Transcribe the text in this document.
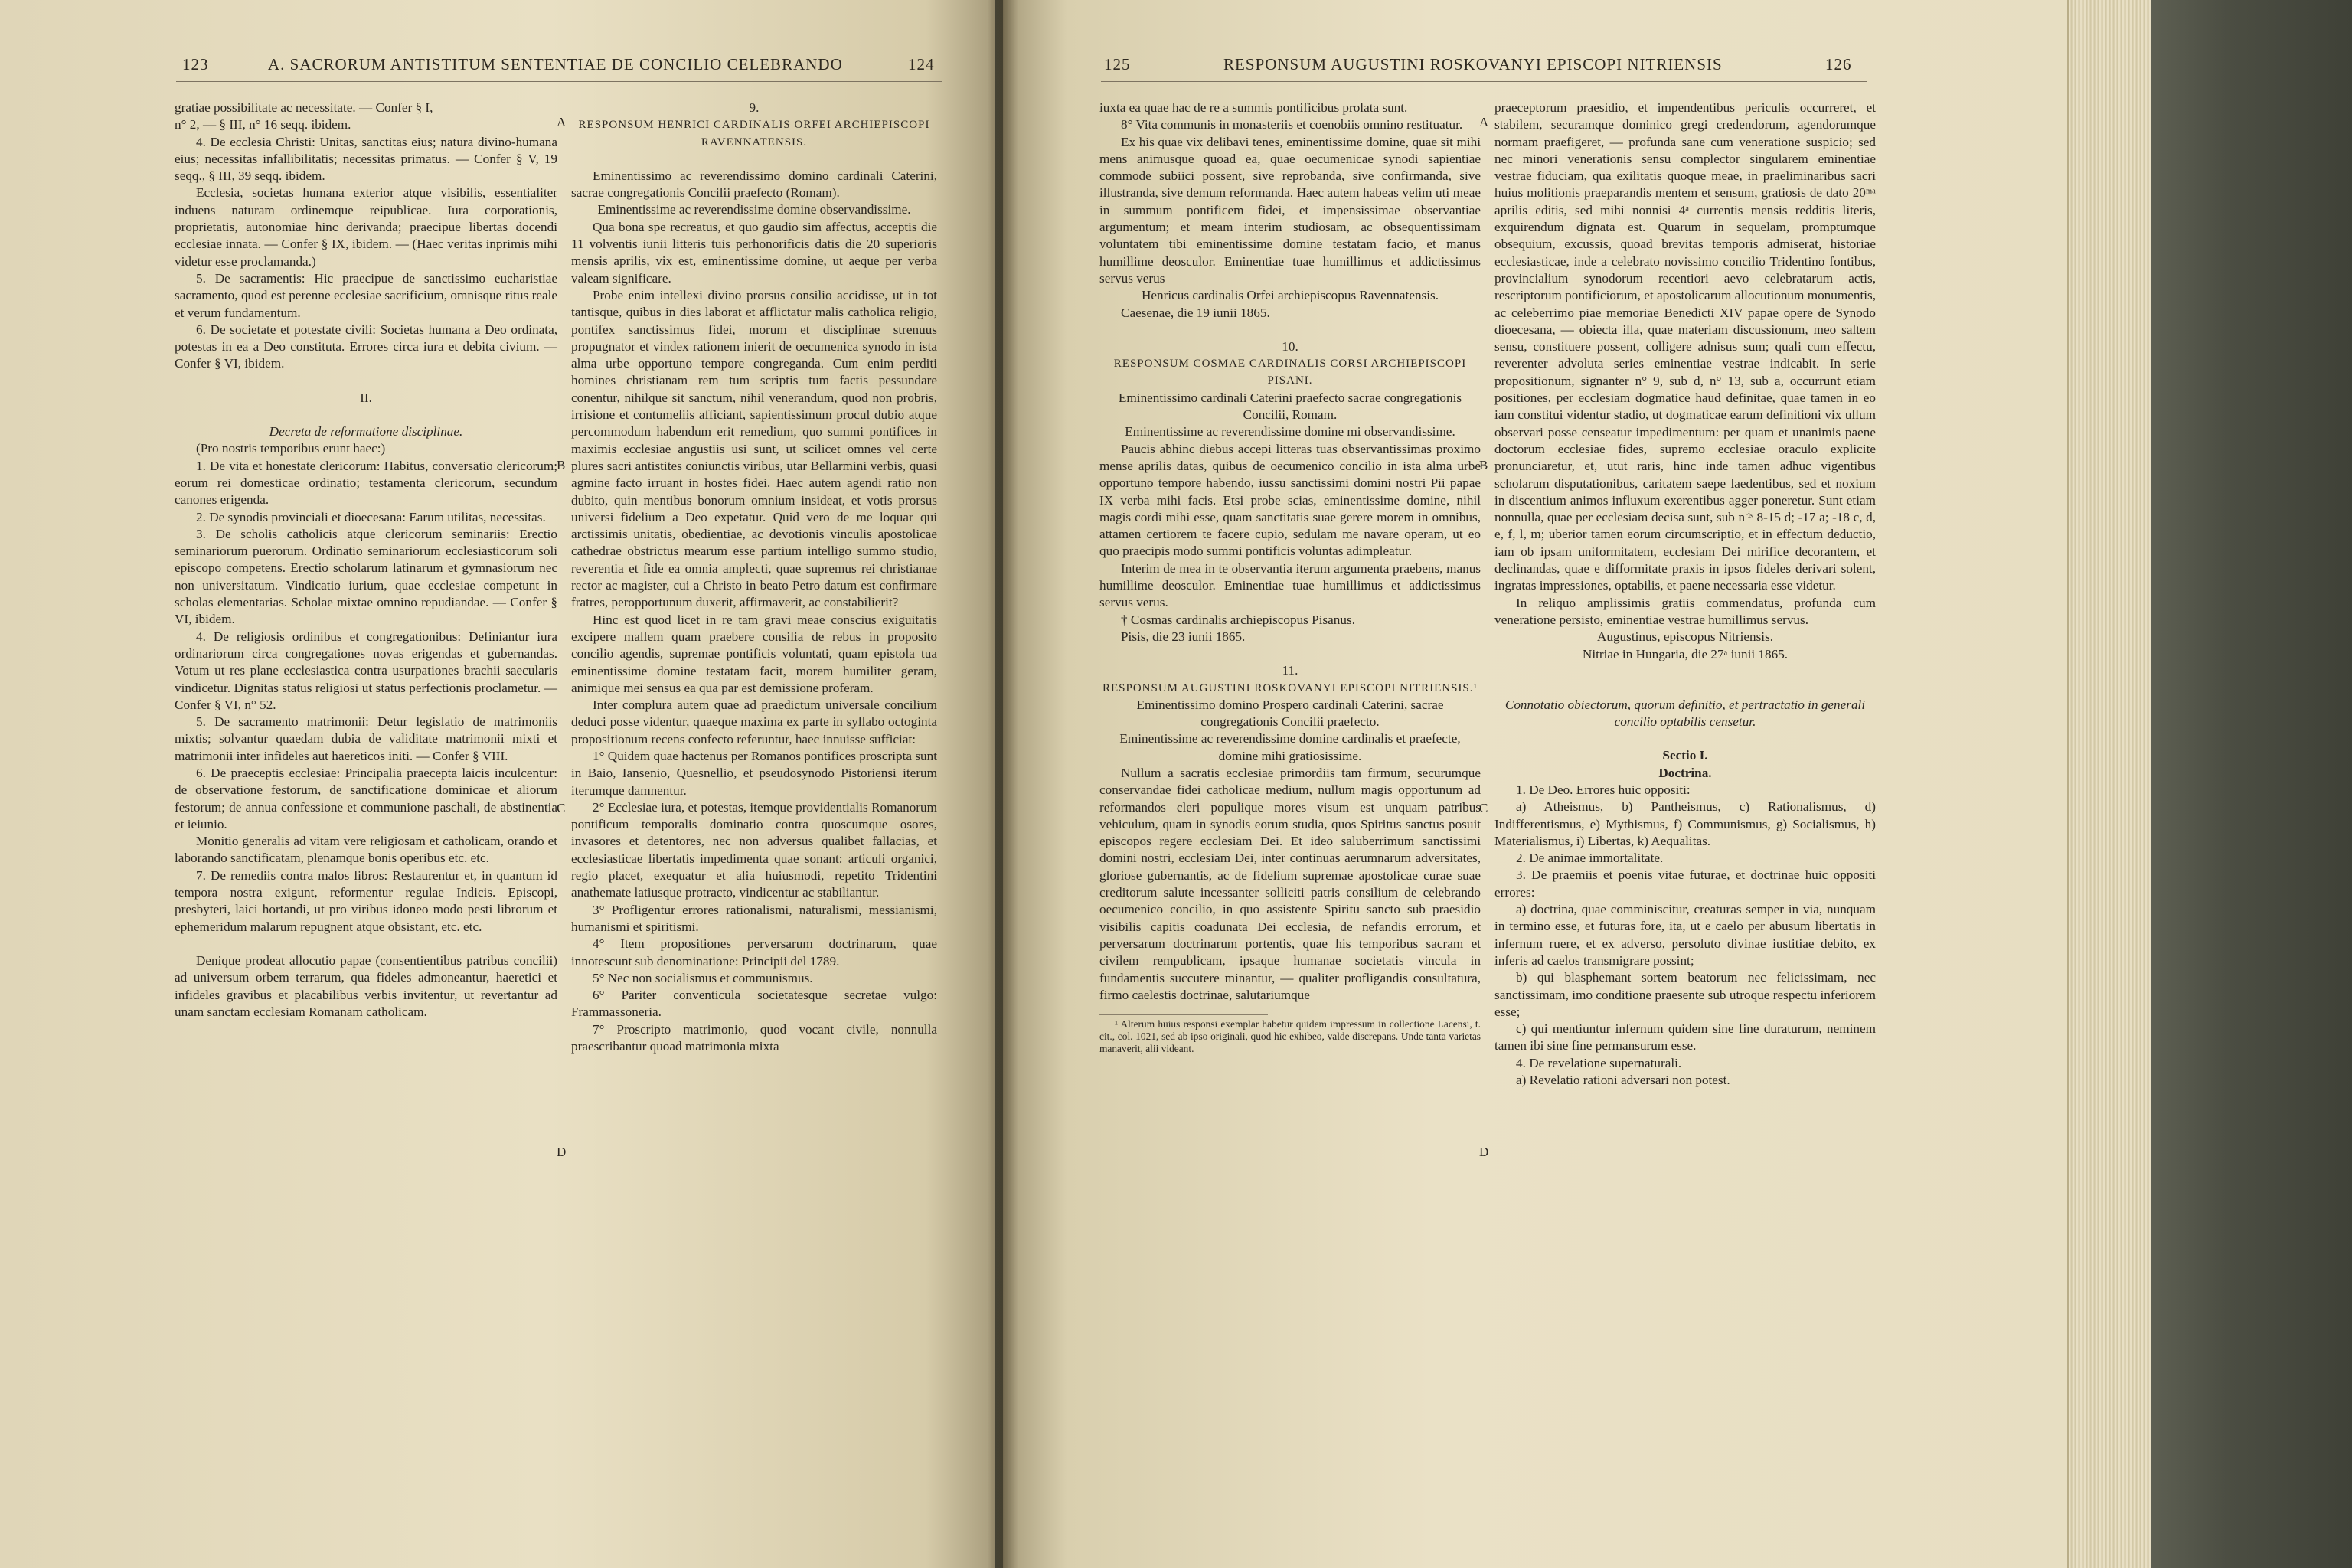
123	A. SACRORUM ANTISTITUM SENTENTIAE DE CONCILIO CELEBRANDO	124

gratiae possibilitate ac necessitate. — Confer § I,

n° 2, — § III, n° 16 seqq. ibidem.

4. De ecclesia Christi: Unitas, sanctitas eius; natura divino-humana eius; necessitas infallibilitatis; necessitas primatus. — Confer § V, 19 seqq., § III, 39 seqq. ibidem.

Ecclesia, societas humana exterior atque visibilis, essentialiter induens naturam ordinemque reipublicae. Iura corporationis, proprietatis, autonomiae hinc derivanda; praecipue libertas docendi ecclesiae innata. — Confer § IX, ibidem. — (Haec veritas inprimis mihi videtur esse proclamanda.)

5. De sacramentis: Hic praecipue de sanctissimo eucharistiae sacramento, quod est perenne ecclesiae sacrificium, omnisque ritus reale et verum fundamentum.

6. De societate et potestate civili: Societas humana a Deo ordinata, potestas in ea a Deo constituta. Errores circa iura et debita civium. — Confer § VI, ibidem.

II.

Decreta de reformatione disciplinae.

(Pro nostris temporibus erunt haec:)

1. De vita et honestate clericorum: Habitus, conversatio clericorum; eorum rei domesticae ordinatio; testamenta clericorum, secundum canones erigenda.

2. De synodis provinciali et dioecesana: Earum utilitas, necessitas.

3. De scholis catholicis atque clericorum seminariis: Erectio seminariorum puerorum. Ordinatio seminariorum ecclesiasticorum soli episcopo competens. Erectio scholarum latinarum et gymnasiorum nec non universitatum. Vindicatio iurium, quae ecclesiae competunt in scholas elementarias. Scholae mixtae omnino repudiandae. — Confer § VI, ibidem.

4. De religiosis ordinibus et congregationibus: Definiantur iura ordinariorum circa congregationes novas erigendas et gubernandas. Votum ut res plane ecclesiastica contra usurpationes brachii saecularis vindicetur. Dignitas status religiosi ut status perfectionis proclametur. — Confer § VI, n° 52.

5. De sacramento matrimonii: Detur legislatio de matrimoniis mixtis; solvantur quaedam dubia de validitate matrimonii mixti et matrimonii inter infideles aut haereticos initi. — Confer § VIII.

6. De praeceptis ecclesiae: Principalia praecepta laicis inculcentur: de observatione festorum, de sanctificatione dominicae et aliorum festorum; de annua confessione et communione paschali, de abstinentia et ieiunio.

Monitio generalis ad vitam vere religiosam et catholicam, orando et laborando sanctificatam, plenamque bonis operibus etc. etc.

7. De remediis contra malos libros: Restaurentur et, in quantum id tempora nostra exigunt, reformentur regulae Indicis. Episcopi, presbyteri, laici hortandi, ut pro viribus idoneo modo pesti librorum et ephemeridum malarum repugnent atque obsistant, etc. etc.

Denique prodeat allocutio papae (consentientibus patribus concilii) ad universum orbem terrarum, qua fideles admoneantur, haeretici et infideles gravibus et placabilibus verbis invitentur, ut revertantur ad unam sanctam ecclesiam Romanam catholicam.

9.

RESPONSUM HENRICI CARDINALIS ORFEI ARCHIEPISCOPI RAVENNATENSIS.

Eminentissimo ac reverendissimo domino cardinali Caterini, sacrae congregationis Concilii praefecto (Romam).

Eminentissime ac reverendissime domine observandissime.

Qua bona spe recreatus, et quo gaudio sim affectus, acceptis die 11 volventis iunii litteris tuis perhonorificis datis die 20 superioris mensis aprilis, vix est, eminentissime domine, ut aeque per verba valeam significare.

Probe enim intellexi divino prorsus consilio accidisse, ut in tot tantisque, quibus in dies laborat et afflictatur malis catholica religio, pontifex sanctissimus fidei, morum et disciplinae strenuus propugnator et vindex rationem inierit de oecumenica synodo in ista alma urbe opportuno tempore congreganda. Cum enim perditi homines christianam rem tum scriptis tum factis pessundare conentur, nihilque sit sanctum, nihil venerandum, quod non probris, irrisione et contumeliis afficiant, sapientissimum procul dubio atque percommodum habendum erit remedium, quo summi pontifices in maximis ecclesiae angustiis usi sunt, ut scilicet omnes vel certe plures sacri antistites coniunctis viribus, utar Bellarmini verbis, quasi agmine facto irruant in hostes fidei. Haec autem agendi ratio non dubito, quin mentibus bonorum omnium insideat, et votis prorsus universi fidelium a Deo expetatur. Quid vero de me loquar qui arctissimis unitatis, obedientiae, ac devotionis vinculis apostolicae cathedrae obstrictus mearum esse partium intelligo summo studio, reverentia et fide ea omnia amplecti, quae supremus rei christianae rector ac magister, cui a Christo in beato Petro datum est confirmare fratres, peropportunum duxerit, affirmaverit, ac constabilierit?

Hinc est quod licet in re tam gravi meae conscius exiguitatis excipere mallem quam praebere consilia de rebus in proposito concilio agendis, supremae pontificis voluntati, quam epistola tua eminentissime domine testatam facit, morem humiliter geram, animique mei sensus ea qua par est demissione proferam.

Inter complura autem quae ad praedictum universale concilium deduci posse videntur, quaeque maxima ex parte in syllabo octoginta propositionum recens confecto referuntur, haec innuisse sufficiat:

1° Quidem quae hactenus per Romanos pontifices proscripta sunt in Baio, Iansenio, Quesnellio, et pseudosynodo Pistoriensi iterum iterumque damnentur.

2° Ecclesiae iura, et potestas, itemque providentialis Romanorum pontificum temporalis dominatio contra quoscumque osores, invasores et detentores, nec non adversus qualibet fallacias, et ecclesiasticae libertatis impedimenta quae sonant: articuli organici, regio placet, exequatur et alia huiusmodi, repetito Tridentini anathemate latiusque protracto, vindicentur ac stabiliantur.

3° Profligentur errores rationalismi, naturalismi, messianismi, humanismi et spiritismi.

4° Item propositiones perversarum doctrinarum, quae innotescunt sub denominatione: Principii del 1789.

5° Nec non socialismus et communismus.

6° Pariter conventicula societatesque secretae vulgo: Frammassoneria.

7° Proscripto matrimonio, quod vocant civile, nonnulla praescribantur quoad matrimonia mixta

A
B
C
D
125	RESPONSUM AUGUSTINI ROSKOVANYI EPISCOPI NITRIENSIS	126

iuxta ea quae hac de re a summis pontificibus prolata sunt.

8° Vita communis in monasteriis et coenobiis omnino restituatur.

Ex his quae vix delibavi tenes, eminentissime domine, quae sit mihi mens animusque quoad ea, quae oecumenicae synodi sapientiae commode subiici possent, sive reprobanda, sive confirmanda, sive illustranda, sive demum reformanda. Haec autem habeas velim uti meae in summum pontificem fidei, et impensissimae observantiae argumentum; et meam interim studiosam, ac obsequentissimam voluntatem tibi eminentissime domine testatam facio, et manus humillime deosculor. Eminentiae tuae humillimus et addictissimus servus verus

Henricus cardinalis Orfei archiepiscopus Ravennatensis.

Caesenae, die 19 iunii 1865.

10.

RESPONSUM COSMAE CARDINALIS CORSI ARCHIEPISCOPI PISANI.

Eminentissimo cardinali Caterini praefecto sacrae congregationis Concilii, Romam.

Eminentissime ac reverendissime domine mi observandissime.

Paucis abhinc diebus accepi litteras tuas observantissimas proximo mense aprilis datas, quibus de oecumenico concilio in ista alma urbe opportuno tempore habendo, iussu sanctissimi domini nostri Pii papae IX verba mihi facis. Etsi probe scias, eminentissime domine, nihil magis cordi mihi esse, quam sanctitatis suae gerere morem in omnibus, attamen certiorem te facere cupio, sedulam me navare operam, ut eo quo praecipis modo summi pontificis voluntas adimpleatur.

Interim de mea in te observantia iterum argumenta praebens, manus humillime deosculor. Eminentiae tuae humillimus et addictissimus servus verus.

† Cosmas cardinalis archiepiscopus Pisanus.

Pisis, die 23 iunii 1865.

11.

RESPONSUM AUGUSTINI ROSKOVANYI EPISCOPI NITRIENSIS.¹

Eminentissimo domino Prospero cardinali Caterini, sacrae congregationis Concilii praefecto.

Eminentissime ac reverendissime domine cardinalis et praefecte, domine mihi gratiosissime.

Nullum a sacratis ecclesiae primordiis tam firmum, securumque conservandae fidei catholicae medium, nullum magis opportunum ad reformandos cleri populique mores visum est unquam patribus vehiculum, quam in synodis eorum studia, quos Spiritus sanctus posuit episcopos regere ecclesiam Dei. Et ideo saluberrimum sanctissimi domini nostri, ecclesiam Dei, inter continuas aerumnarum adversitates, gloriose gubernantis, ac de fidelium supremae apostolicae curae suae creditorum salute incessanter solliciti patris consilium de celebrando oecumenico concilio, in quo assistente Spiritu sancto sub praesidio visibilis capitis coadunata Dei ecclesia, de nefandis errorum, et perversarum doctrinarum portentis, quae his temporibus sacram et civilem rempublicam, ipsaque humanae societatis vincula in fundamentis succutere minantur, — qualiter profligandis consultatura, firmo caelestis doctrinae, salutariumque

¹ Alterum huius responsi exemplar habetur quidem impressum in collectione Lacensi, t. cit., col. 1021, sed ab ipso originali, quod hic exhibeo, valde discrepans. Unde tanta varietas manaverit, alii videant.

praeceptorum praesidio, et impendentibus periculis occurreret, et stabilem, securamque dominico gregi credendorum, agendorumque normam praefigeret, — profunda sane cum veneratione suspicio; sed nec minori venerationis sensu complector singularem eminentiae vestrae fiduciam, qua exilitatis quoque meae, in praeliminaribus sacri huius molitionis praeparandis mentem et sensum, gratiosis de dato 20ᵐᵃ aprilis editis, sed mihi nonnisi 4ᵃ currentis mensis redditis literis, exquirendum dignata est. Quarum in sequelam, promptumque obsequium, excussis, quoad brevitas temporis admiserat, historiae ecclesiasticae, inde a celebrato novissimo concilio Tridentino fontibus, provincialium synodorum recentiori aevo celebratarum actis, rescriptorum pontificiorum, et apostolicarum allocutionum monumentis, ac celeberrimo piae memoriae Benedicti XIV papae opere de Synodo dioecesana, — obiecta illa, quae materiam discussionum, meo saltem sensu, constituere possent, colligere adnisus sum; quali cum effectu, reverenter advoluta series eminentiae vestrae indicabit. In serie propositionum, signanter n° 9, sub d, n° 13, sub a, occurrunt etiam positiones, per ecclesiam dogmatice haud definitae, quae tamen in eo iam constitui videntur stadio, ut dogmaticae earum definitioni vix ullum observari posse censeatur impedimentum: per quam et unanimis paene doctorum ecclesiae fides, supremo ecclesiae oraculo explicite pronunciaretur, et, utut raris, hinc inde tamen adhuc vigentibus scholarum disputationibus, caritatem saepe laedentibus, sed et noxium in discentium animos influxum exerentibus agger poneretur. Sunt etiam nonnulla, quae per ecclesiam decisa sunt, sub nʳⁱˢ 8-15 d; -17 a; -18 c, d, e, f, l, m; uberior tamen eorum circumscriptio, et in effectum deductio, iam ob ipsam uniformitatem, ecclesiam Dei mirifice decorantem, et declinandas, quae e difformitate praxis in ipsos fideles derivari solent, ingratas impressiones, optabilis, et paene necessaria esse videtur.

In reliquo amplissimis gratiis commendatus, profunda cum veneratione persisto, eminentiae vestrae humillimus servus.

Augustinus, episcopus Nitriensis.

Nitriae in Hungaria, die 27ᵃ iunii 1865.

Connotatio obiectorum, quorum definitio, et pertractatio in generali concilio optabilis censetur.

Sectio I.

Doctrina.

1. De Deo. Errores huic oppositi:

a) Atheismus, b) Pantheismus, c) Rationalismus, d) Indifferentismus, e) Mythismus, f) Communismus, g) Socialismus, h) Materialismus, i) Libertas, k) Aequalitas.

2. De animae immortalitate.

3. De praemiis et poenis vitae futurae, et doctrinae huic oppositi errores:

a) doctrina, quae comminiscitur, creaturas semper in via, nunquam in termino esse, et futuras fore, ita, ut e caelo per abusum libertatis in infernum ruere, et ex adverso, persoluto divinae iustitiae debito, ex inferis ad caelos transmigrare possint;

b) qui blasphemant sortem beatorum nec felicissimam, nec sanctissimam, imo conditione praesente sub utroque respectu inferiorem esse;

c) qui mentiuntur infernum quidem sine fine duraturum, neminem tamen ibi sine fine permansurum esse.

4. De revelatione supernaturali.

a) Revelatio rationi adversari non potest.

A
B
C
D
